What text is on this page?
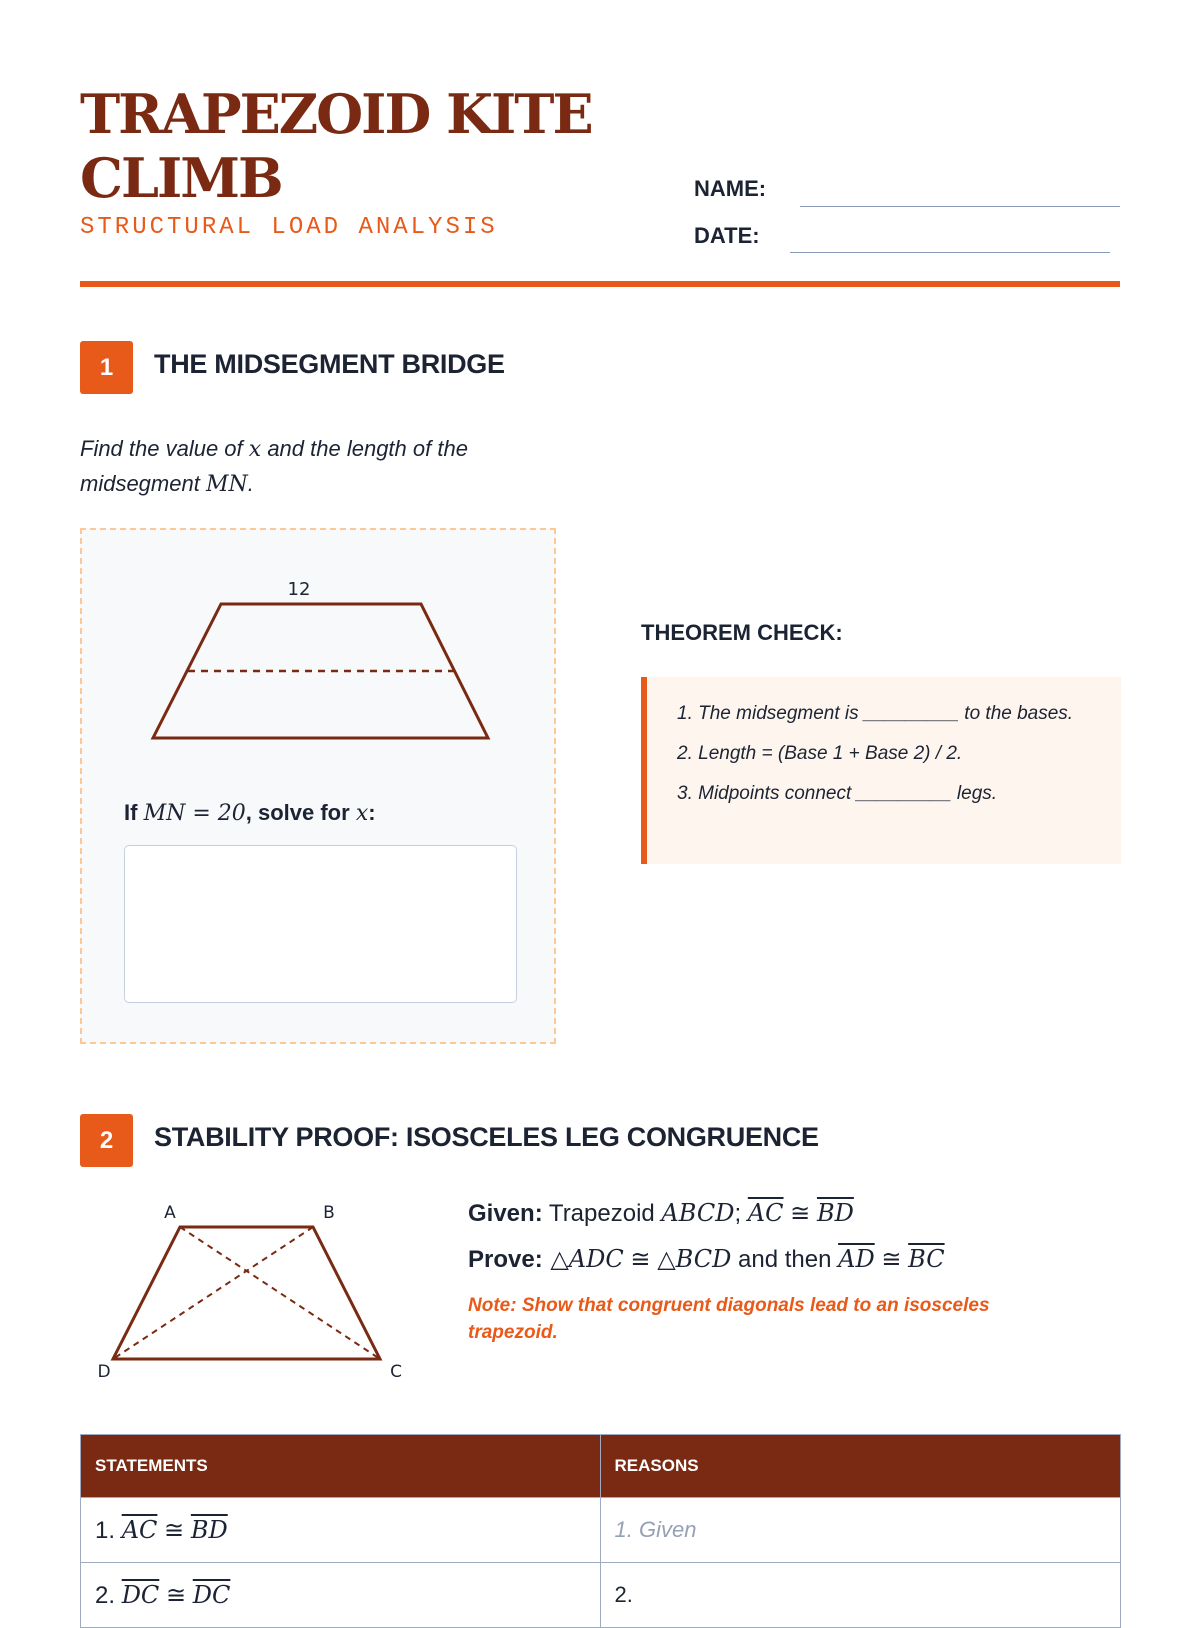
TRAPEZOID KITE CLIMB
STRUCTURAL LOAD ANALYSIS
NAME:
DATE:
1	THE MIDSEGMENT BRIDGE
Find the value of x and the length of the midsegment MN.
12
If MN = 20, solve for x:
THEOREM CHECK:

1. The midsegment is _________ to the bases.

2. Length = (Base 1 + Base 2) / 2.

3. Midpoints connect _________ legs.

2	STABILITY PROOF: ISOSCELES LEG CONGRUENCE
A	B
C
D
Given: Trapezoid ABCD; $\overline{AC}$ ≅ $\overline{BD}$
Prove: △ADC ≅ △BCD and then $\overline{AD}$ ≅ $\overline{BC}$
Note: Show that congruent diagonals lead to an isosceles trapezoid.
STATEMENTS	REASONS
1. $\overline{AC}$ ≅ $\overline{BD}$	1. Given
2. $\overline{DC}$ ≅ $\overline{DC}$	2.
